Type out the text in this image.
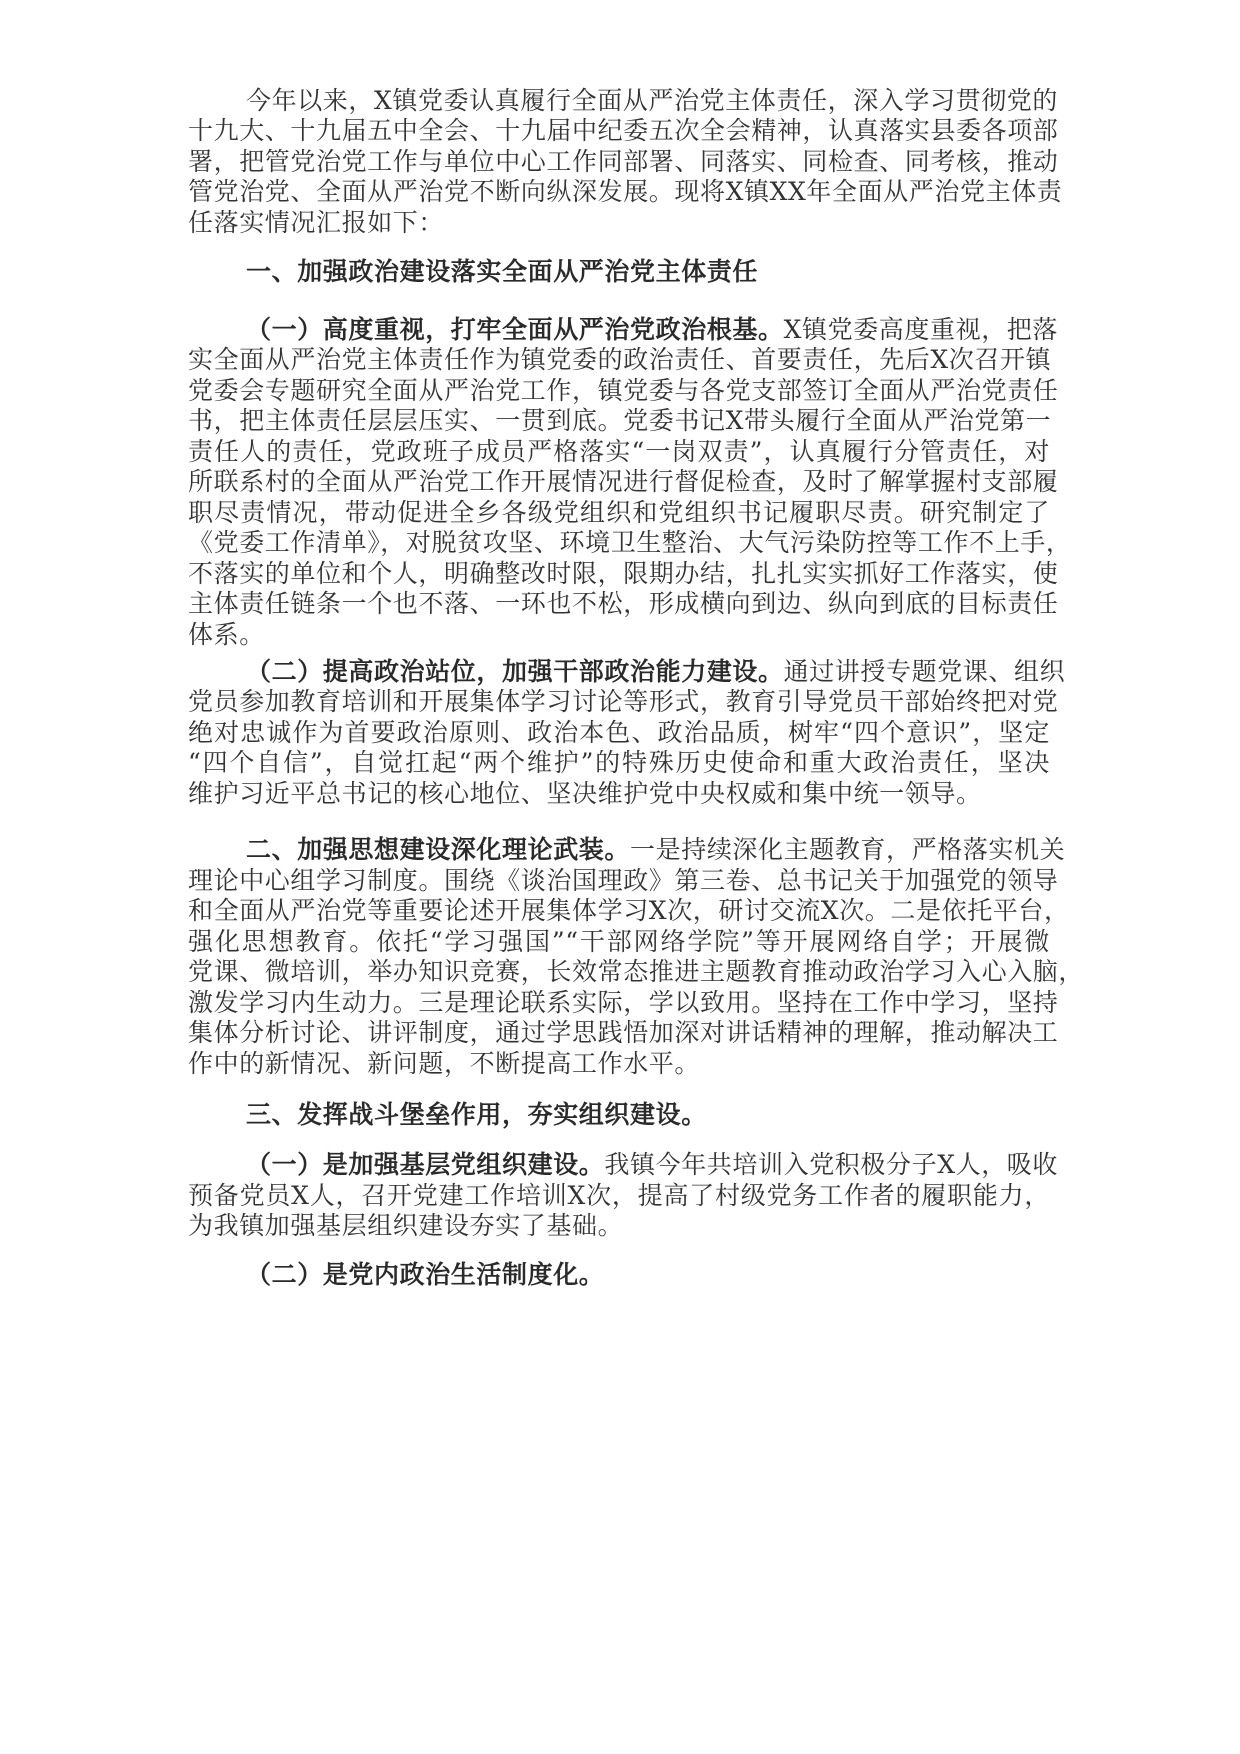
今年以来，X镇党委认真履行全面从严治党主体责任，深入学习贯彻党的
十九大、十九届五中全会、十九届中纪委五次全会精神，认真落实县委各项部
署，把管党治党工作与单位中心工作同部署、同落实、同检查、同考核，推动
管党治党、全面从严治党不断向纵深发展。现将X镇XX年全面从严治党主体责
任落实情况汇报如下：
一、加强政治建设落实全面从严治党主体责任
（一）高度重视，打牢全面从严治党政治根基。X镇党委高度重视，把落
实全面从严治党主体责任作为镇党委的政治责任、首要责任，先后X次召开镇
党委会专题研究全面从严治党工作，镇党委与各党支部签订全面从严治党责任
书，把主体责任层层压实、一贯到底。党委书记X带头履行全面从严治党第一
责任人的责任，党政班子成员严格落实“一岗双责”，认真履行分管责任，对
所联系村的全面从严治党工作开展情况进行督促检查，及时了解掌握村支部履
职尽责情况，带动促进全乡各级党组织和党组织书记履职尽责。研究制定了
《党委工作清单》，对脱贫攻坚、环境卫生整治、大气污染防控等工作不上手，
不落实的单位和个人，明确整改时限，限期办结，扎扎实实抓好工作落实，使
主体责任链条一个也不落、一环也不松，形成横向到边、纵向到底的目标责任
体系。
（二）提高政治站位，加强干部政治能力建设。通过讲授专题党课、组织
党员参加教育培训和开展集体学习讨论等形式，教育引导党员干部始终把对党
绝对忠诚作为首要政治原则、政治本色、政治品质，树牢“四个意识”，坚定
“四个自信”，自觉扛起“两个维护”的特殊历史使命和重大政治责任，坚决
维护习近平总书记的核心地位、坚决维护党中央权威和集中统一领导。
二、加强思想建设深化理论武装。一是持续深化主题教育，严格落实机关
理论中心组学习制度。围绕《谈治国理政》第三卷、总书记关于加强党的领导
和全面从严治党等重要论述开展集体学习X次，研讨交流X次。二是依托平台，
强化思想教育。依托“学习强国”“干部网络学院”等开展网络自学；开展微
党课、微培训，举办知识竞赛，长效常态推进主题教育推动政治学习入心入脑，
激发学习内生动力。三是理论联系实际，学以致用。坚持在工作中学习，坚持
集体分析讨论、讲评制度，通过学思践悟加深对讲话精神的理解，推动解决工
作中的新情况、新问题，不断提高工作水平。
三、发挥战斗堡垒作用，夯实组织建设。
（一）是加强基层党组织建设。我镇今年共培训入党积极分子X人，吸收
预备党员X人，召开党建工作培训X次，提高了村级党务工作者的履职能力，
为我镇加强基层组织建设夯实了基础。
（二）是党内政治生活制度化。
